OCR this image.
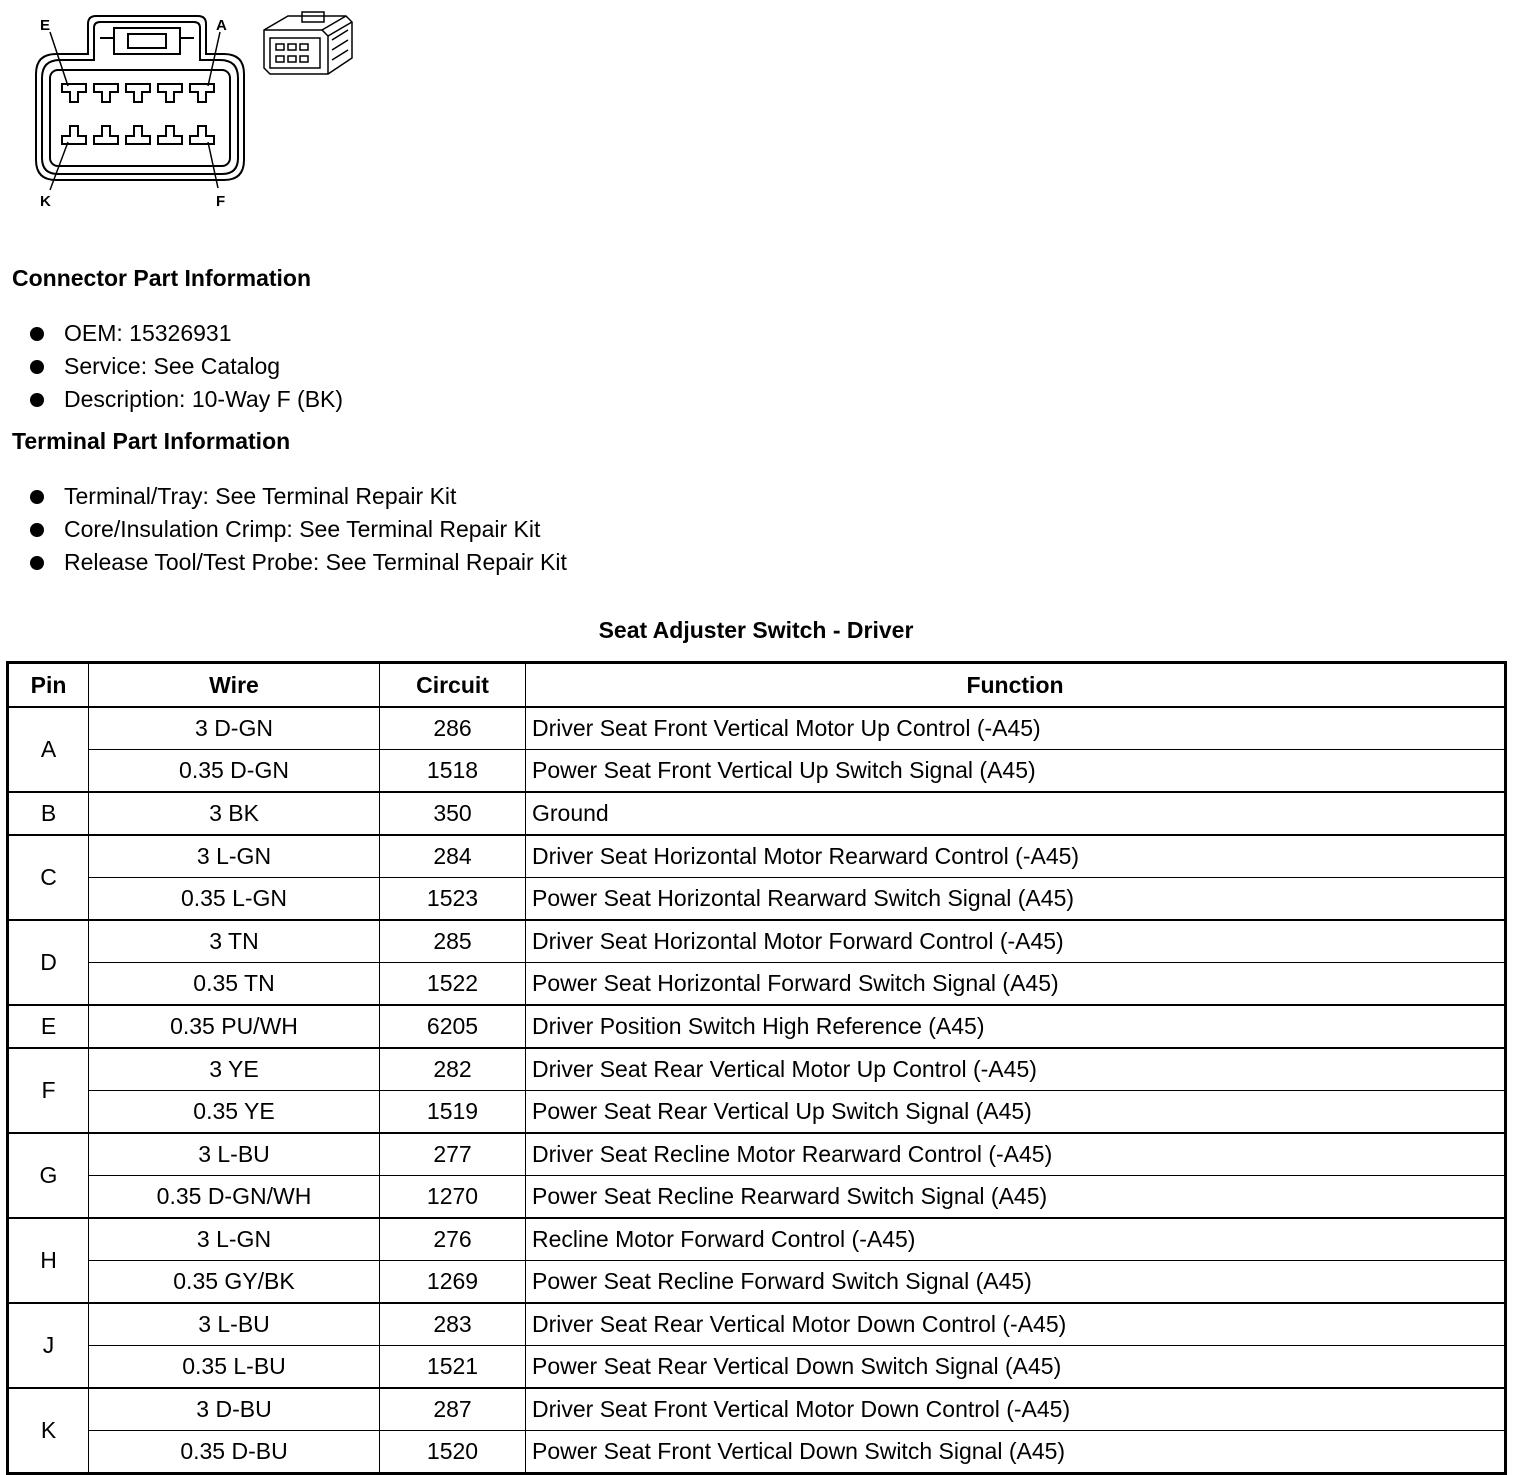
E	A
K	F
Connector Part Information
OEM: 15326931
Service: See Catalog
Description: 10-Way F (BK)
Terminal Part Information
Terminal/Tray: See Terminal Repair Kit
Core/Insulation Crimp: See Terminal Repair Kit
Release Tool/Test Probe: See Terminal Repair Kit
Seat Adjuster Switch - Driver
Pin	Wire	Circuit	Function
A	3 D-GN	286	Driver Seat Front Vertical Motor Up Control (-A45)
	0.35 D-GN	1518	Power Seat Front Vertical Up Switch Signal (A45)
B	3 BK	350	Ground
C	3 L-GN	284	Driver Seat Horizontal Motor Rearward Control (-A45)
	0.35 L-GN	1523	Power Seat Horizontal Rearward Switch Signal (A45)
D	3 TN	285	Driver Seat Horizontal Motor Forward Control (-A45)
	0.35 TN	1522	Power Seat Horizontal Forward Switch Signal (A45)
E	0.35 PU/WH	6205	Driver Position Switch High Reference (A45)
F	3 YE	282	Driver Seat Rear Vertical Motor Up Control (-A45)
	0.35 YE	1519	Power Seat Rear Vertical Up Switch Signal (A45)
G	3 L-BU	277	Driver Seat Recline Motor Rearward Control (-A45)
	0.35 D-GN/WH	1270	Power Seat Recline Rearward Switch Signal (A45)
H	3 L-GN	276	Recline Motor Forward Control (-A45)
	0.35 GY/BK	1269	Power Seat Recline Forward Switch Signal (A45)
J	3 L-BU	283	Driver Seat Rear Vertical Motor Down Control (-A45)
	0.35 L-BU	1521	Power Seat Rear Vertical Down Switch Signal (A45)
K	3 D-BU	287	Driver Seat Front Vertical Motor Down Control (-A45)
	0.35 D-BU	1520	Power Seat Front Vertical Down Switch Signal (A45)
